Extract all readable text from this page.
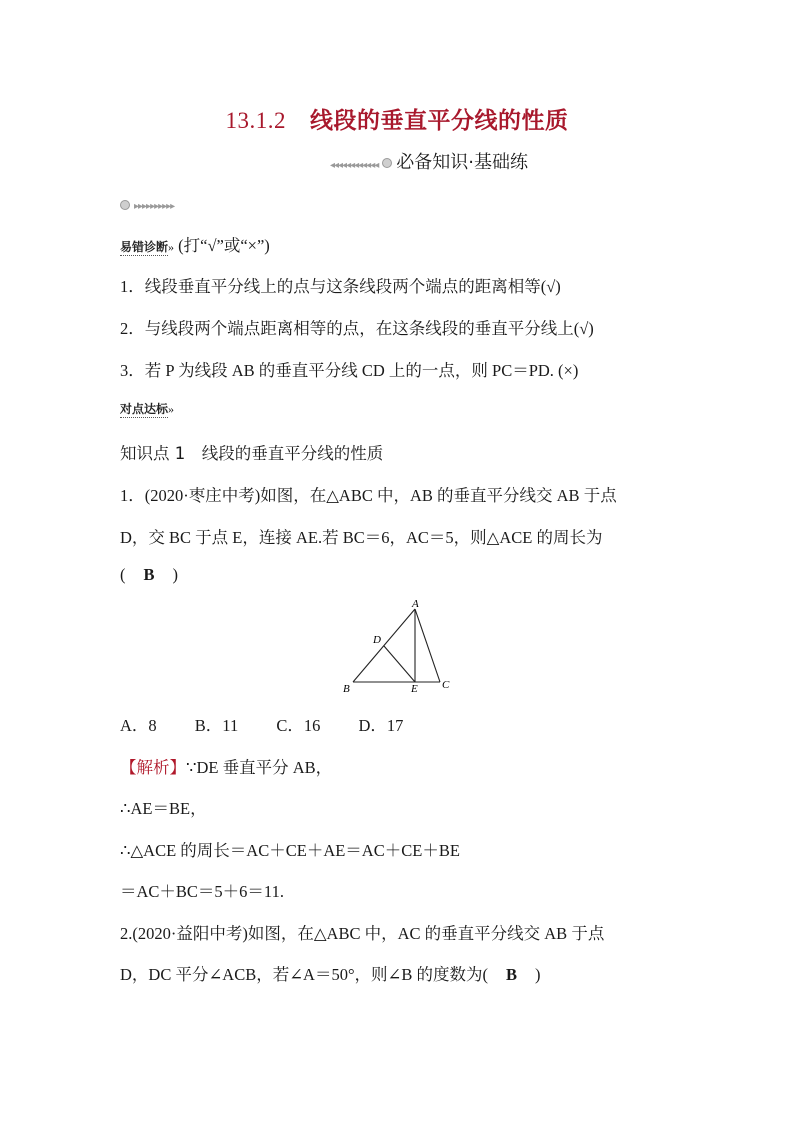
13.1.2 线段的垂直平分线的性质
◂◂◂◂◂◂◂◂◂◂◂◂ 必备知识·基础练
▸▸▸▸▸▸▸▸▸▸
易错诊断» (打“√”或“×”)
1．线段垂直平分线上的点与这条线段两个端点的距离相等(√)
2．与线段两个端点距离相等的点，在这条线段的垂直平分线上(√)
3．若 P 为线段 AB 的垂直平分线 CD 上的一点，则 PC＝PD. (×)
对点达标»
知识点 1　线段的垂直平分线的性质
1．(2020·枣庄中考)如图，在△ABC 中，AB 的垂直平分线交 AB 于点
D，交 BC 于点 E，连接 AE.若 BC＝6，AC＝5，则△ACE 的周长为
( B )
A
D
B	E C
A．8 B．11 C．16 D．17
【解析】∵DE 垂直平分 AB，
∴AE＝BE，
∴△ACE 的周长＝AC＋CE＋AE＝AC＋CE＋BE
＝AC＋BC＝5＋6＝11.
2.(2020·益阳中考)如图，在△ABC 中，AC 的垂直平分线交 AB 于点
D，DC 平分∠ACB，若∠A＝50°，则∠B 的度数为( B )
